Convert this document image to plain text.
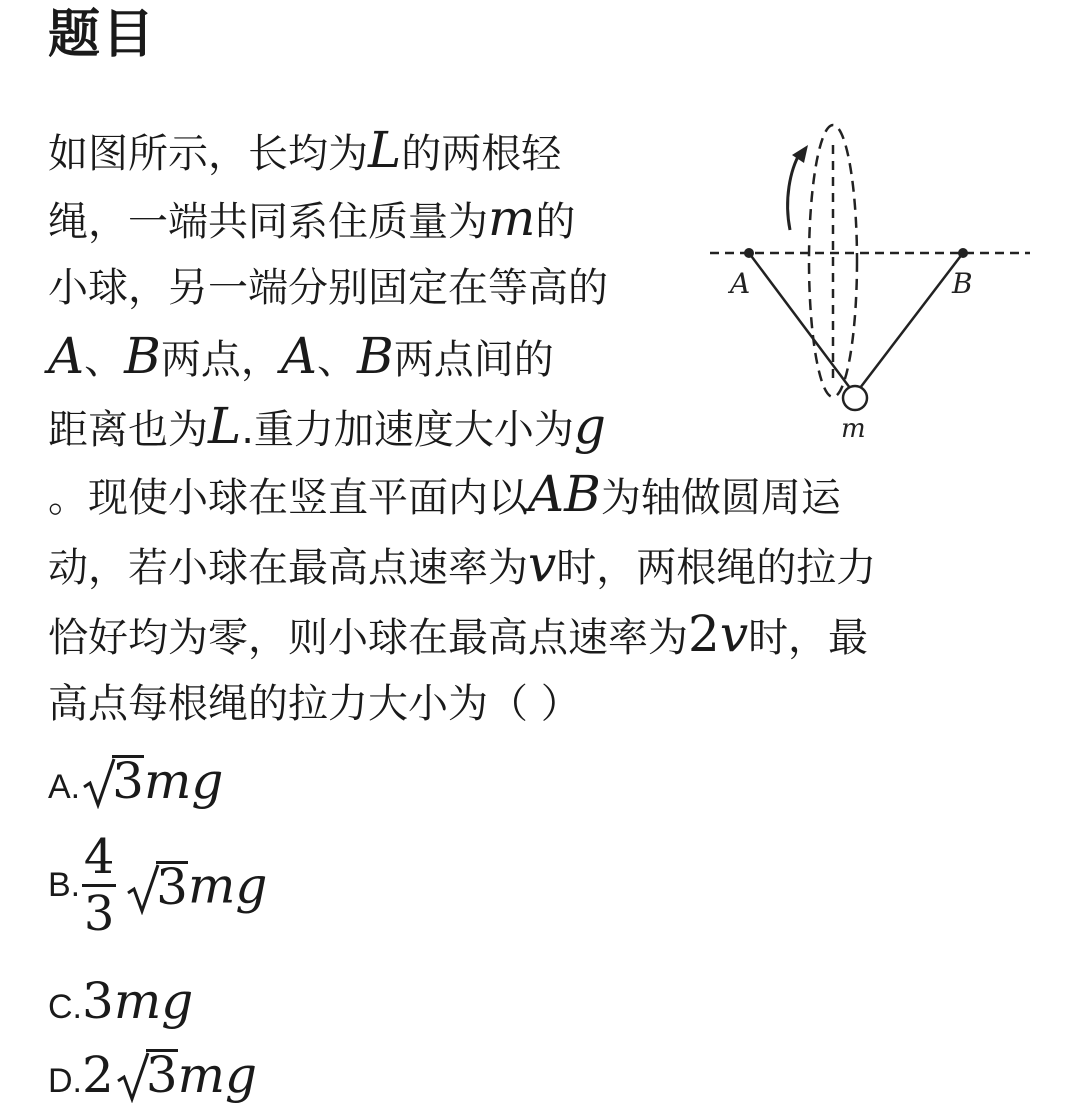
题目
如图所示，长均为L的两根轻
绳，一端共同系住质量为m的
小球，另一端分别固定在等高的
A、B两点，A、B两点间的
距离也为L.重力加速度大小为g
。现使小球在竖直平面内以AB为轴做圆周运
动，若小球在最高点速率为v时，两根绳的拉力
恰好均为零，则小球在最高点速率为2v时，最
高点每根绳的拉力大小为（ ）
A. 3mg
B. $\frac{4}{3} 3mg$
C.3mg
D.2 3mg
A	B
m
